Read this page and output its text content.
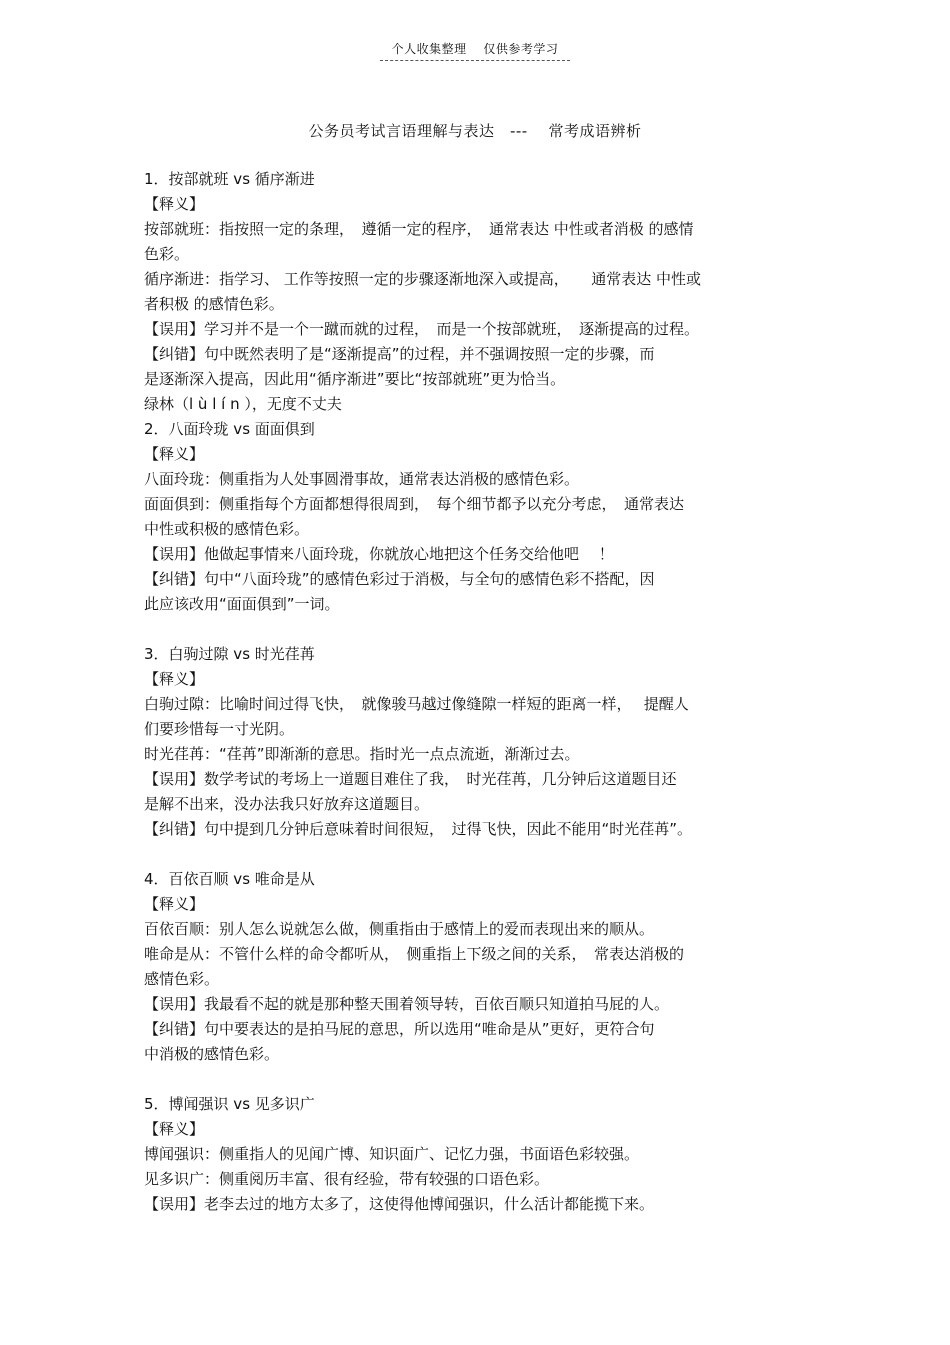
个人收集整理　 仅供参考学习
公务员考试言语理解与表达　---　 常考成语辨析
1．按部就班 vs 循序渐进
【释义】
按部就班：指按照一定的条理，　遵循一定的程序，　通常表达 中性或者消极 的感情
色彩。
循序渐进：指学习、 工作等按照一定的步骤逐渐地深入或提高，　　通常表达 中性或
者积极 的感情色彩。
【误用】学习并不是一个一蹴而就的过程，　而是一个按部就班，　逐渐提高的过程。
【纠错】句中既然表明了是“逐渐提高”的过程，并不强调按照一定的步骤，而
是逐渐深入提高，因此用“循序渐进”要比“按部就班”更为恰当。
绿林（l ù l í n ），无度不丈夫
2．八面玲珑 vs 面面俱到
【释义】
八面玲珑：侧重指为人处事圆滑事故，通常表达消极的感情色彩。
面面俱到：侧重指每个方面都想得很周到，　每个细节都予以充分考虑，　通常表达
中性或积极的感情色彩。
【误用】他做起事情来八面玲珑，你就放心地把这个任务交给他吧　 ！
【纠错】句中“八面玲珑”的感情色彩过于消极，与全句的感情色彩不搭配，因
此应该改用“面面俱到”一词。
3．白驹过隙 vs 时光荏苒
【释义】
白驹过隙：比喻时间过得飞快，　就像骏马越过像缝隙一样短的距离一样，　 提醒人
们要珍惜每一寸光阴。
时光荏苒：“荏苒”即渐渐的意思。指时光一点点流逝，渐渐过去。
【误用】数学考试的考场上一道题目难住了我，　时光荏苒，几分钟后这道题目还
是解不出来，没办法我只好放弃这道题目。
【纠错】句中提到几分钟后意味着时间很短，　过得飞快，因此不能用“时光荏苒”。
4．百依百顺 vs 唯命是从
【释义】
百依百顺：别人怎么说就怎么做，侧重指由于感情上的爱而表现出来的顺从。
唯命是从：不管什么样的命令都听从，　侧重指上下级之间的关系，　常表达消极的
感情色彩。
【误用】我最看不起的就是那种整天围着领导转，百依百顺只知道拍马屁的人。
【纠错】句中要表达的是拍马屁的意思，所以选用“唯命是从”更好，更符合句
中消极的感情色彩。
5．博闻强识 vs 见多识广
【释义】
博闻强识：侧重指人的见闻广博、知识面广、记忆力强，书面语色彩较强。
见多识广：侧重阅历丰富、很有经验，带有较强的口语色彩。
【误用】老李去过的地方太多了，这使得他博闻强识，什么活计都能揽下来。
